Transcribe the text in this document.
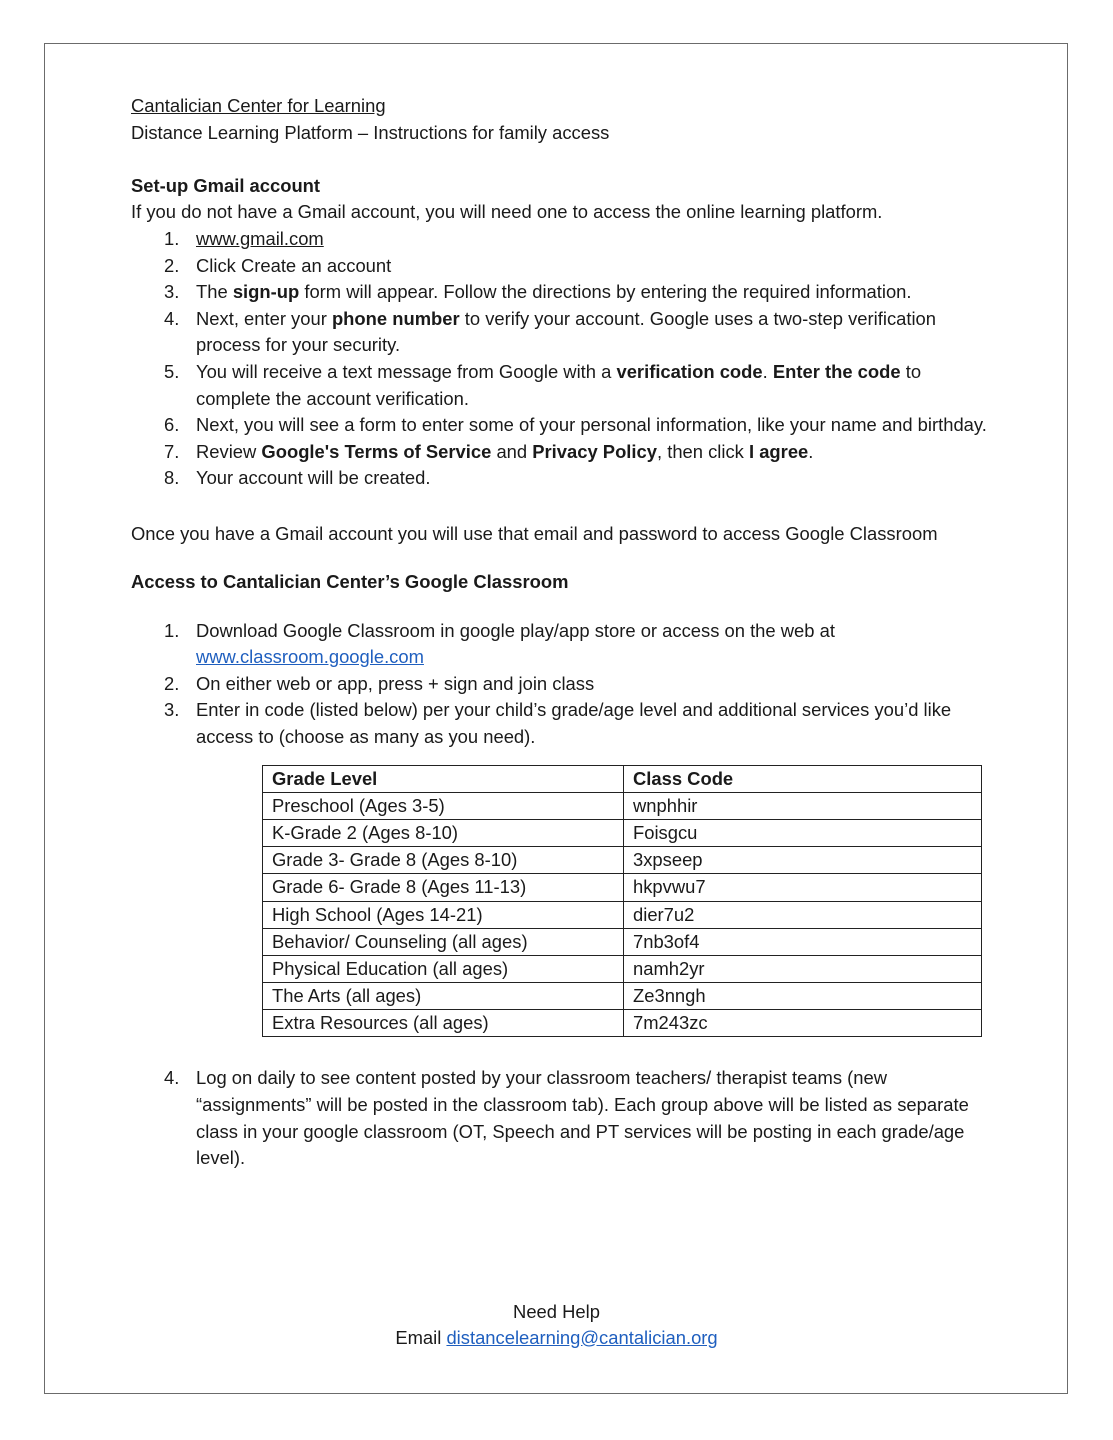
Cantalician Center for Learning

Distance Learning Platform – Instructions for family access

Set-up Gmail account

If you do not have a Gmail account, you will need one to access the online learning platform.

1. www.gmail.com
2. Click Create an account
3. The sign-up form will appear. Follow the directions by entering the required information.
4. Next, enter your phone number to verify your account. Google uses a two-step verification process for your security.
5. You will receive a text message from Google with a verification code. Enter the code to complete the account verification.
6. Next, you will see a form to enter some of your personal information, like your name and birthday.
7. Review Google's Terms of Service and Privacy Policy, then click I agree.
8. Your account will be created.

Once you have a Gmail account you will use that email and password to access Google Classroom

Access to Cantalician Center’s Google Classroom

1. Download Google Classroom in google play/app store or access on the web at www.classroom.google.com
2. On either web or app, press + sign and join class
3. Enter in code (listed below) per your child’s grade/age level and additional services you’d like access to (choose as many as you need).
Grade Level	Class Code
Preschool (Ages 3-5)	wnphhir
K-Grade 2 (Ages 8-10)	Foisgcu
Grade 3- Grade 8 (Ages 8-10)	3xpseep
Grade 6- Grade 8 (Ages 11-13)	hkpvwu7
High School (Ages 14-21)	dier7u2
Behavior/ Counseling (all ages)	7nb3of4
Physical Education (all ages)	namh2yr
The Arts (all ages)	Ze3nngh
Extra Resources (all ages)	7m243zc
4. Log on daily to see content posted by your classroom teachers/ therapist teams (new “assignments” will be posted in the classroom tab). Each group above will be listed as separate class in your google classroom (OT, Speech and PT services will be posting in each grade/age level).
Need Help
Email distancelearning@cantalician.org
